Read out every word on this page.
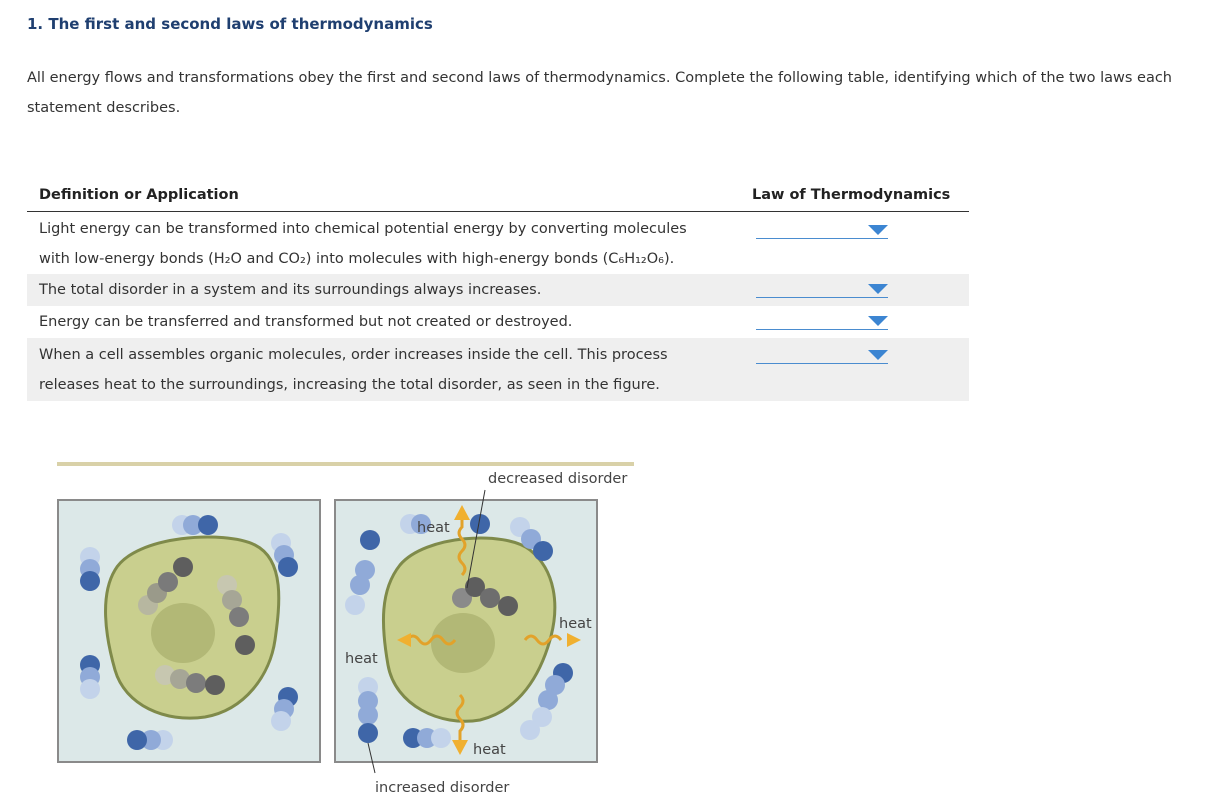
1. The first and second laws of thermodynamics
All energy flows and transformations obey the first and second laws of thermodynamics. Complete the following table, identifying which of the two laws each statement describes.
Definition or Application	Law of Thermodynamics
Light energy can be transformed into chemical potential energy by converting molecules
with low-energy bonds (H₂O and CO₂) into molecules with high-energy bonds (C₆H₁₂O₆).
The total disorder in a system and its surroundings always increases.
Energy can be transferred and transformed but not created or destroyed.
When a cell assembles organic molecules, order increases inside the cell. This process
releases heat to the surroundings, increasing the total disorder, as seen in the figure.
decreased disorder
increased disorder
heat
heat
heat
heat
